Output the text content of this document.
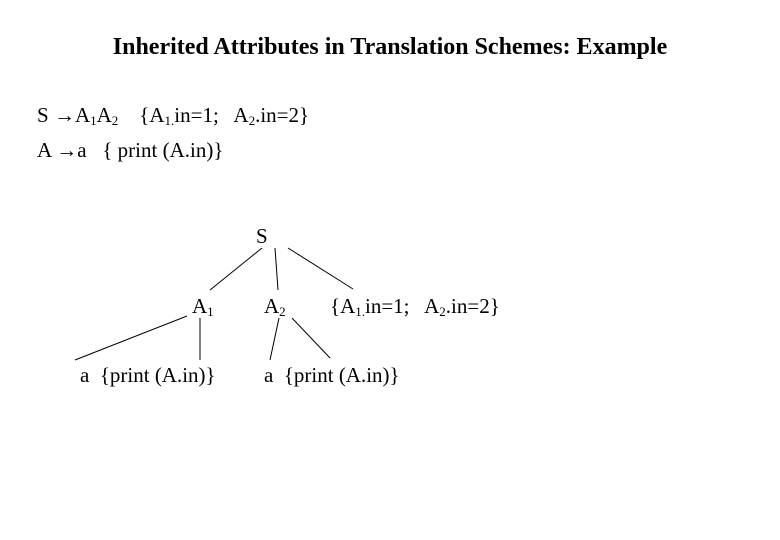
Inherited Attributes in Translation Schemes: Example
$S \to A_1A_2$ {$A_{1.}in=1$;   $A_2.in=2$}
A →a { print (A.in)}
S
$A_1$ $A_2$ {$A_{1.}in=1$;   $A_2.in=2$}
a  {print (A.in)} a  {print (A.in)}
